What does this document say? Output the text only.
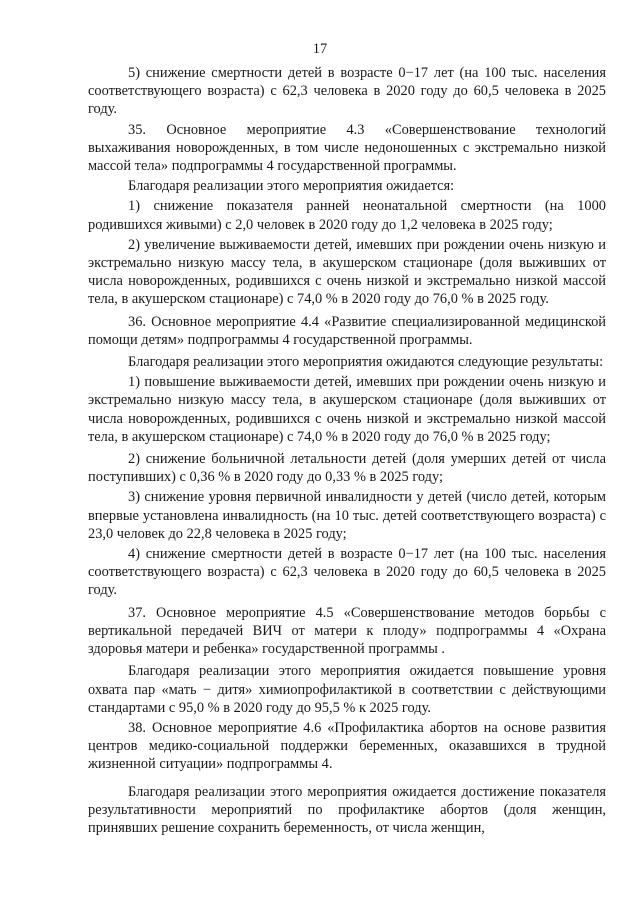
17

5) снижение смертности детей в возрасте 0−17 лет (на 100 тыс. населения соответствующего возраста) с 62,3 человека в 2020 году до 60,5 человека в 2025 году.

35. Основное мероприятие 4.3 «Совершенствование технологий выхаживания новорожденных, в том числе недоношенных с экстремально низкой массой тела» подпрограммы 4 государственной программы.

Благодаря реализации этого мероприятия ожидается:

1) снижение показателя ранней неонатальной смертности (на 1000 родившихся живыми) с 2,0 человек в 2020 году до 1,2 человека в 2025 году;

2) увеличение выживаемости детей, имевших при рождении очень низкую и экстремально низкую массу тела, в акушерском стационаре (доля выживших от числа новорожденных, родившихся с очень низкой и экстремально низкой массой тела, в акушерском стационаре) с 74,0 % в 2020 году до 76,0 % в 2025 году.

36. Основное мероприятие 4.4 «Развитие специализированной медицинской помощи детям» подпрограммы 4 государственной программы.

Благодаря реализации этого мероприятия ожидаются следующие результаты:

1) повышение выживаемости детей, имевших при рождении очень низкую и экстремально низкую массу тела, в акушерском стационаре (доля выживших от числа новорожденных, родившихся с очень низкой и экстремально низкой массой тела, в акушерском стационаре) с 74,0 % в 2020 году до 76,0 % в 2025 году;

2) снижение больничной летальности детей (доля умерших детей от числа поступивших) с 0,36 % в 2020 году до 0,33 % в 2025 году;

3) снижение уровня первичной инвалидности у детей (число детей, которым впервые установлена инвалидность (на 10 тыс. детей соответствующего возраста) с 23,0 человек до 22,8 человека в 2025 году;

4) снижение смертности детей в возрасте 0−17 лет (на 100 тыс. населения соответствующего возраста) с 62,3 человека в 2020 году до 60,5 человека в 2025 году.

37. Основное мероприятие 4.5 «Совершенствование методов борьбы с вертикальной передачей ВИЧ от матери к плоду» подпрограммы 4 «Охрана здоровья матери и ребенка» государственной программы .

Благодаря реализации этого мероприятия ожидается повышение уровня охвата пар «мать − дитя» химиопрофилактикой в соответствии с действующими стандартами с 95,0 % в 2020 году до 95,5 % к 2025 году.

38. Основное мероприятие 4.6 «Профилактика абортов на основе развития центров медико-социальной поддержки беременных, оказавшихся в трудной жизненной ситуации» подпрограммы 4.

Благодаря реализации этого мероприятия ожидается достижение показателя результативности мероприятий по профилактике абортов (доля женщин, принявших решение сохранить беременность, от числа женщин,
